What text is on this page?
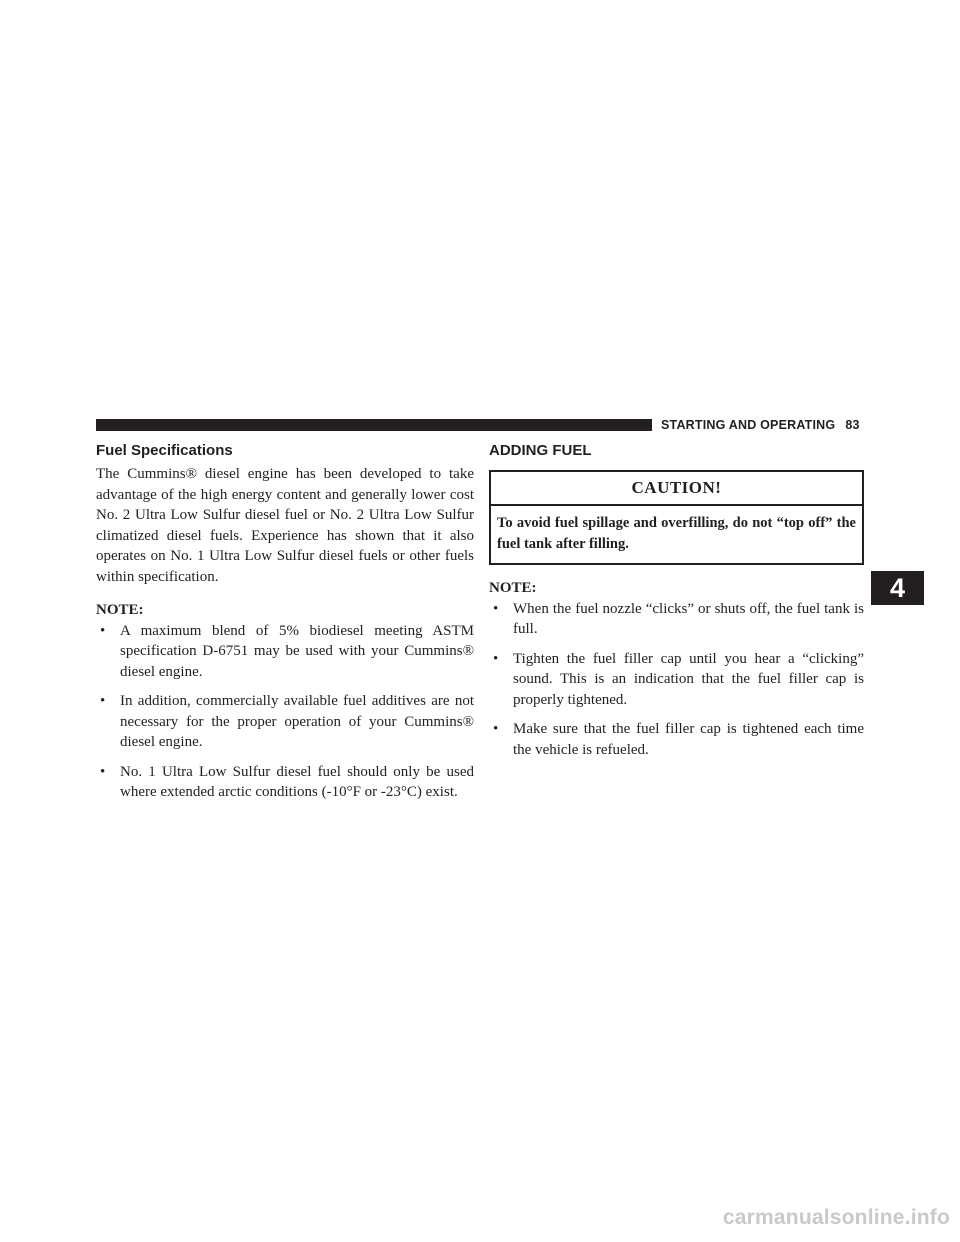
STARTING AND OPERATING 83
Fuel Specifications

The Cummins® diesel engine has been developed to take advantage of the high energy content and generally lower cost No. 2 Ultra Low Sulfur diesel fuel or No. 2 Ultra Low Sulfur climatized diesel fuels. Experience has shown that it also operates on No. 1 Ultra Low Sulfur diesel fuels or other fuels within specification.

NOTE:

• A maximum blend of 5% biodiesel meeting ASTM specification D-6751 may be used with your Cummins® diesel engine.
• In addition, commercially available fuel additives are not necessary for the proper operation of your Cummins® diesel engine.
• No. 1 Ultra Low Sulfur diesel fuel should only be used where extended arctic conditions (-10°F or -23°C) exist.
ADDING FUEL
CAUTION!
To avoid fuel spillage and overfilling, do not “top off” the fuel tank after filling.

NOTE:

• When the fuel nozzle “clicks” or shuts off, the fuel tank is full.
• Tighten the fuel filler cap until you hear a “clicking” sound. This is an indication that the fuel filler cap is properly tightened.
• Make sure that the fuel filler cap is tightened each time the vehicle is refueled.
4
carmanualsonline.info
